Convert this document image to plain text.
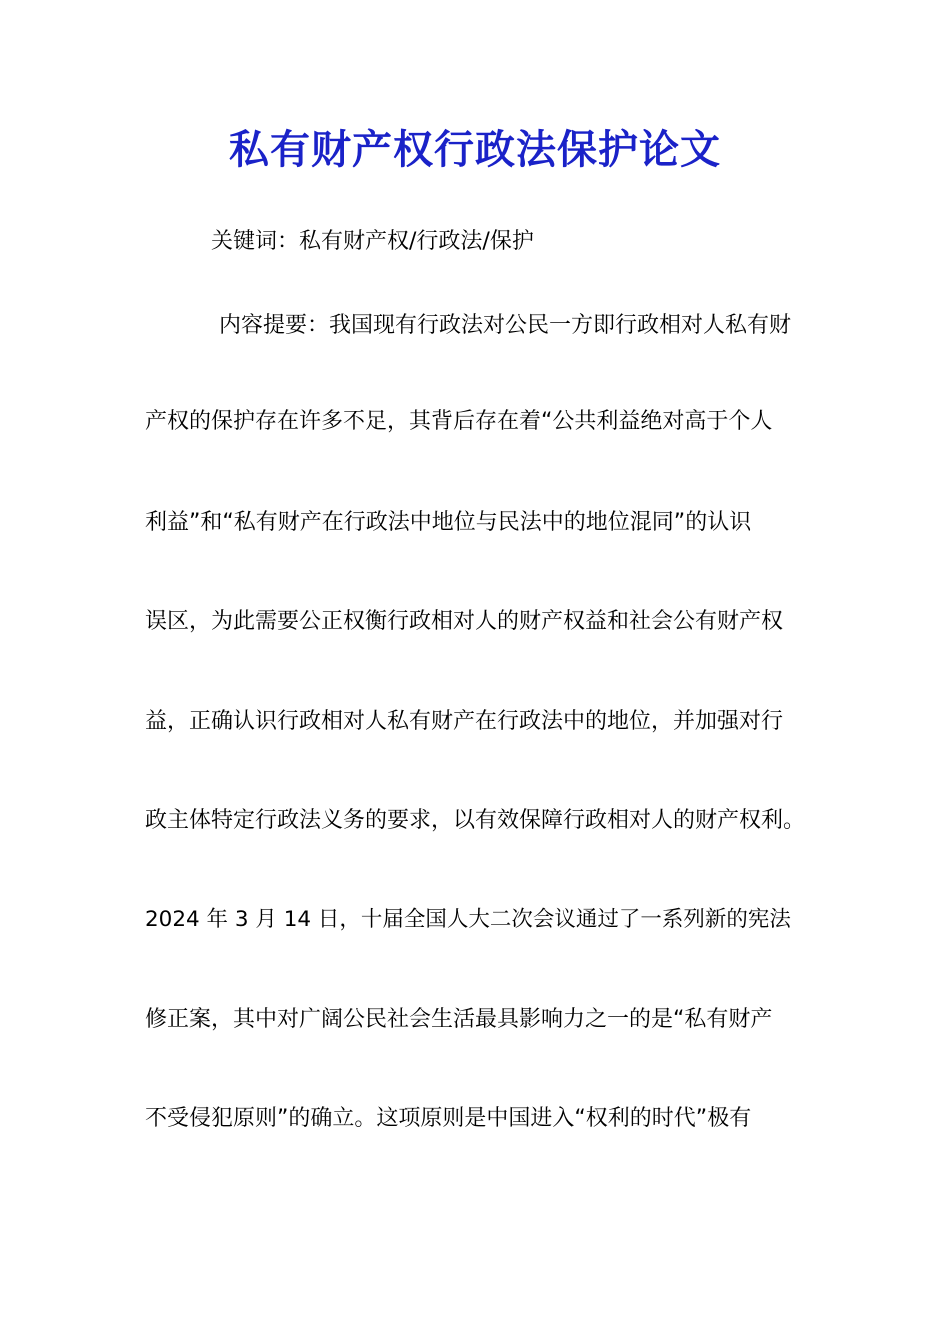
私有财产权行政法保护论文
关键词：私有财产权/行政法/保护
内容提要：我国现有行政法对公民一方即行政相对人私有财
产权的保护存在许多不足，其背后存在着“公共利益绝对高于个人
利益”和“私有财产在行政法中地位与民法中的地位混同”的认识
误区，为此需要公正权衡行政相对人的财产权益和社会公有财产权
益，正确认识行政相对人私有财产在行政法中的地位，并加强对行
政主体特定行政法义务的要求，以有效保障行政相对人的财产权利。
2024 年 3 月 14 日，十届全国人大二次会议通过了一系列新的宪法
修正案，其中对广阔公民社会生活最具影响力之一的是“私有财产
不受侵犯原则”的确立。这项原则是中国进入“权利的时代”极有
